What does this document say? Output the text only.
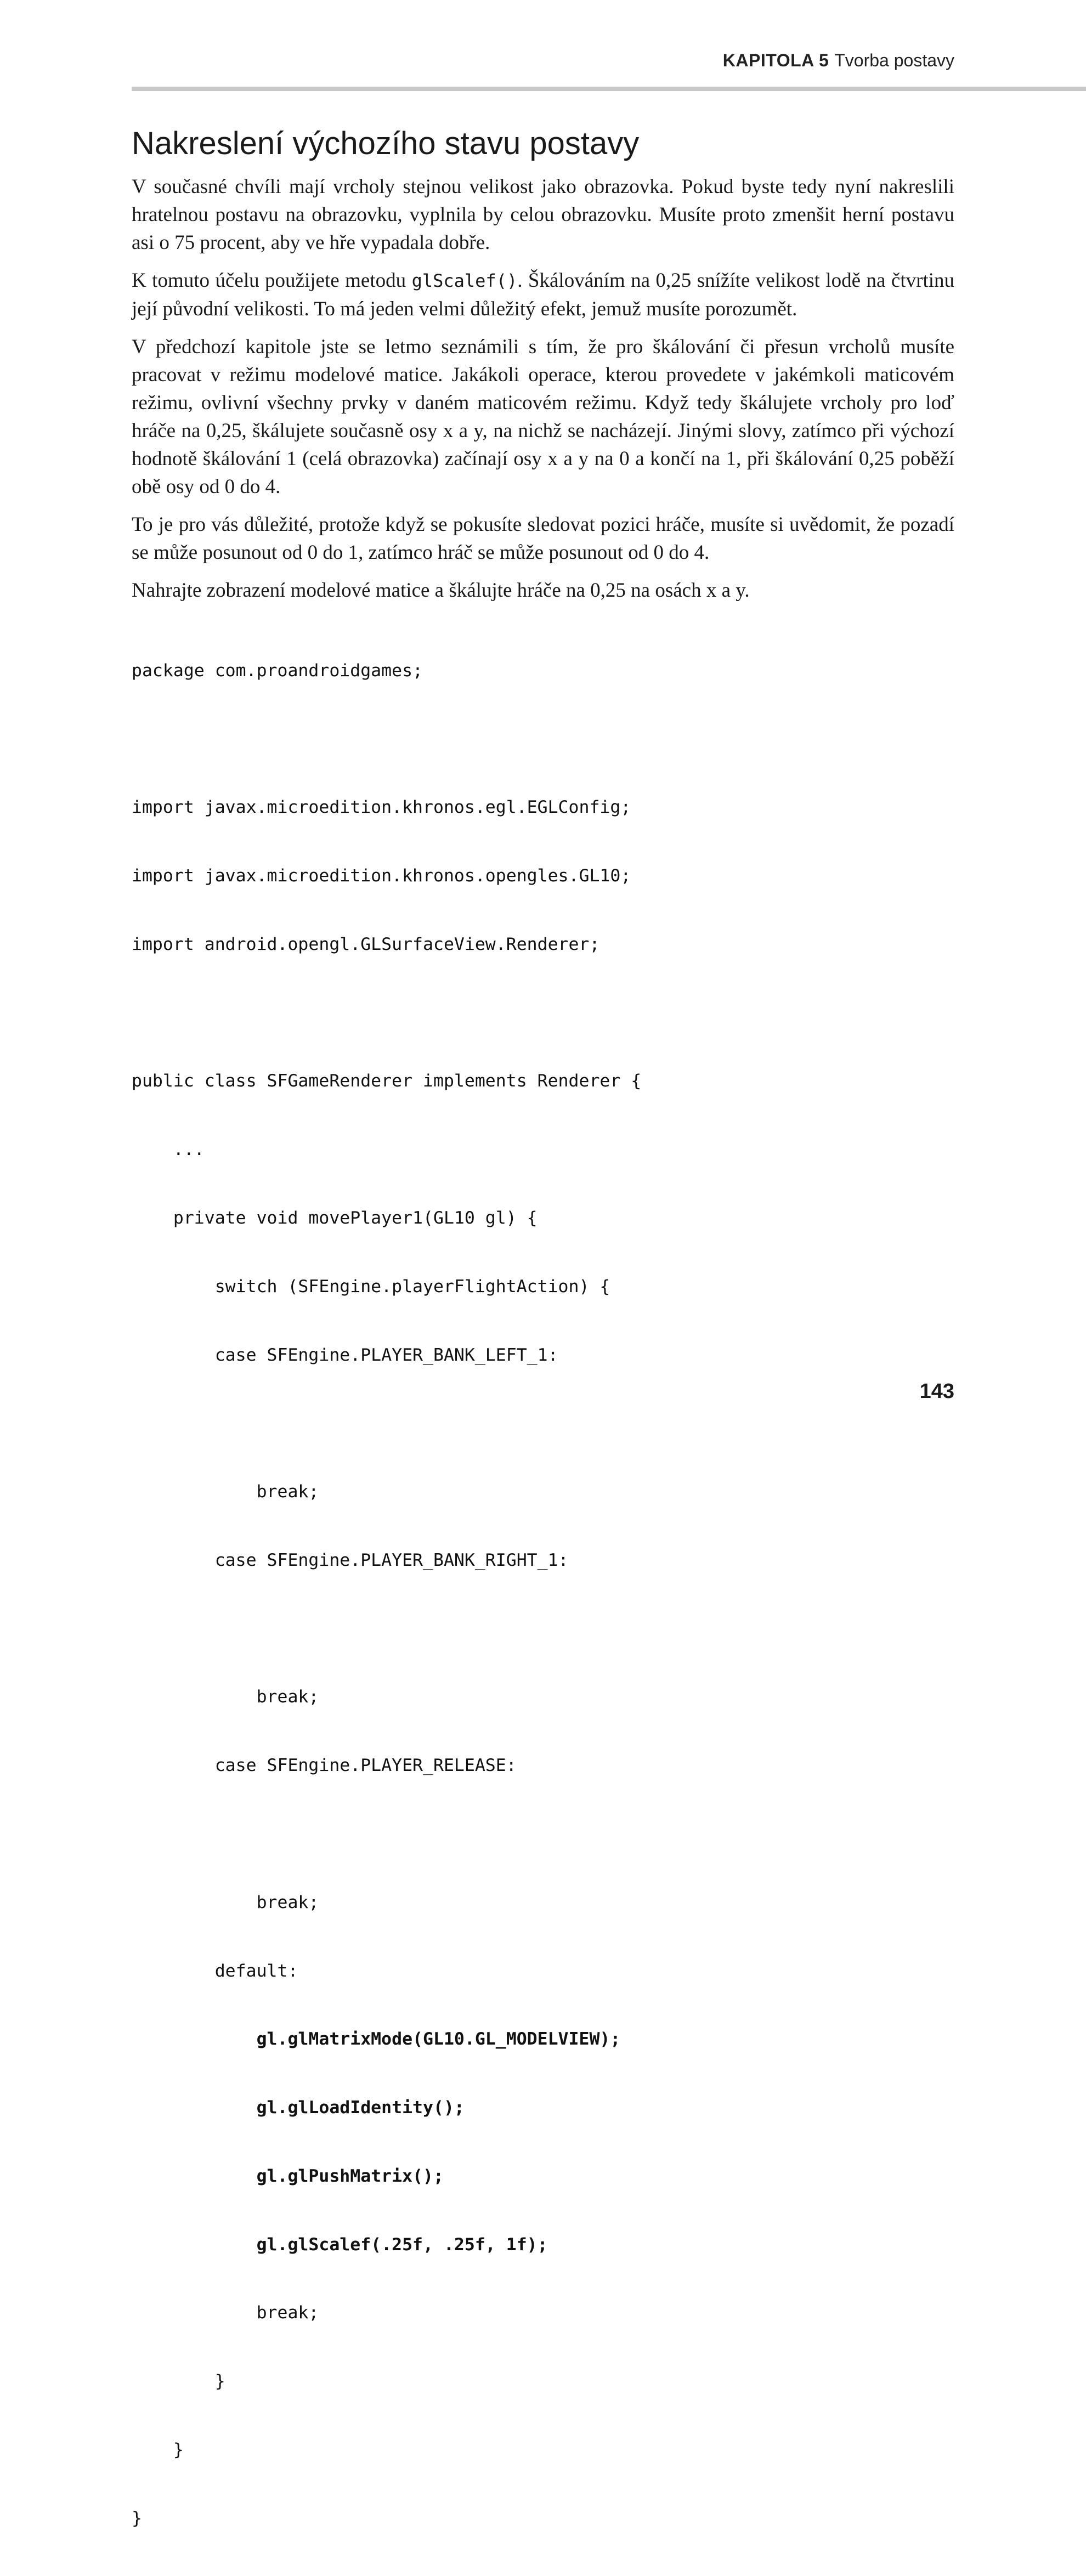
KAPITOLA 5 Tvorba postavy
Nakreslení výchozího stavu postavy

V současné chvíli mají vrcholy stejnou velikost jako obrazovka. Pokud byste tedy nyní nakreslili hratelnou postavu na obrazovku, vyplnila by celou obrazovku. Musíte proto zmenšit herní postavu asi o 75 procent, aby ve hře vypadala dobře.

K tomuto účelu použijete metodu glScalef(). Škálováním na 0,25 snížíte velikost lodě na čtvrtinu její původní velikosti. To má jeden velmi důležitý efekt, jemuž musíte porozumět.

V předchozí kapitole jste se letmo seznámili s tím, že pro škálování či přesun vrcholů musíte pracovat v režimu modelové matice. Jakákoli operace, kterou provedete v jakémkoli maticovém režimu, ovlivní všechny prvky v daném maticovém režimu. Když tedy škálujete vrcholy pro loď hráče na 0,25, škálujete současně osy x a y, na nichž se nacházejí. Jinými slovy, zatímco při výchozí hodnotě škálování 1 (celá obrazovka) začínají osy x a y na 0 a končí na 1, při škálování 0,25 poběží obě osy od 0 do 4.

To je pro vás důležité, protože když se pokusíte sledovat pozici hráče, musíte si uvědomit, že pozadí se může posunout od 0 do 1, zatímco hráč se může posunout od 0 do 4.

Nahrajte zobrazení modelové matice a škálujte hráče na 0,25 na osách x a y.

package com.proandroidgames;

import javax.microedition.khronos.egl.EGLConfig;

import javax.microedition.khronos.opengles.GL10;

import android.opengl.GLSurfaceView.Renderer;

public class SFGameRenderer implements Renderer {

...

private void movePlayer1(GL10 gl) {

switch (SFEngine.playerFlightAction) {

case SFEngine.PLAYER_BANK_LEFT_1:

break;

case SFEngine.PLAYER_BANK_RIGHT_1:

break;

case SFEngine.PLAYER_RELEASE:

break;

default:

gl.glMatrixMode(GL10.GL_MODELVIEW);

gl.glLoadIdentity();

gl.glPushMatrix();

gl.glScalef(.25f, .25f, 1f);

break;

}

}

}

143
